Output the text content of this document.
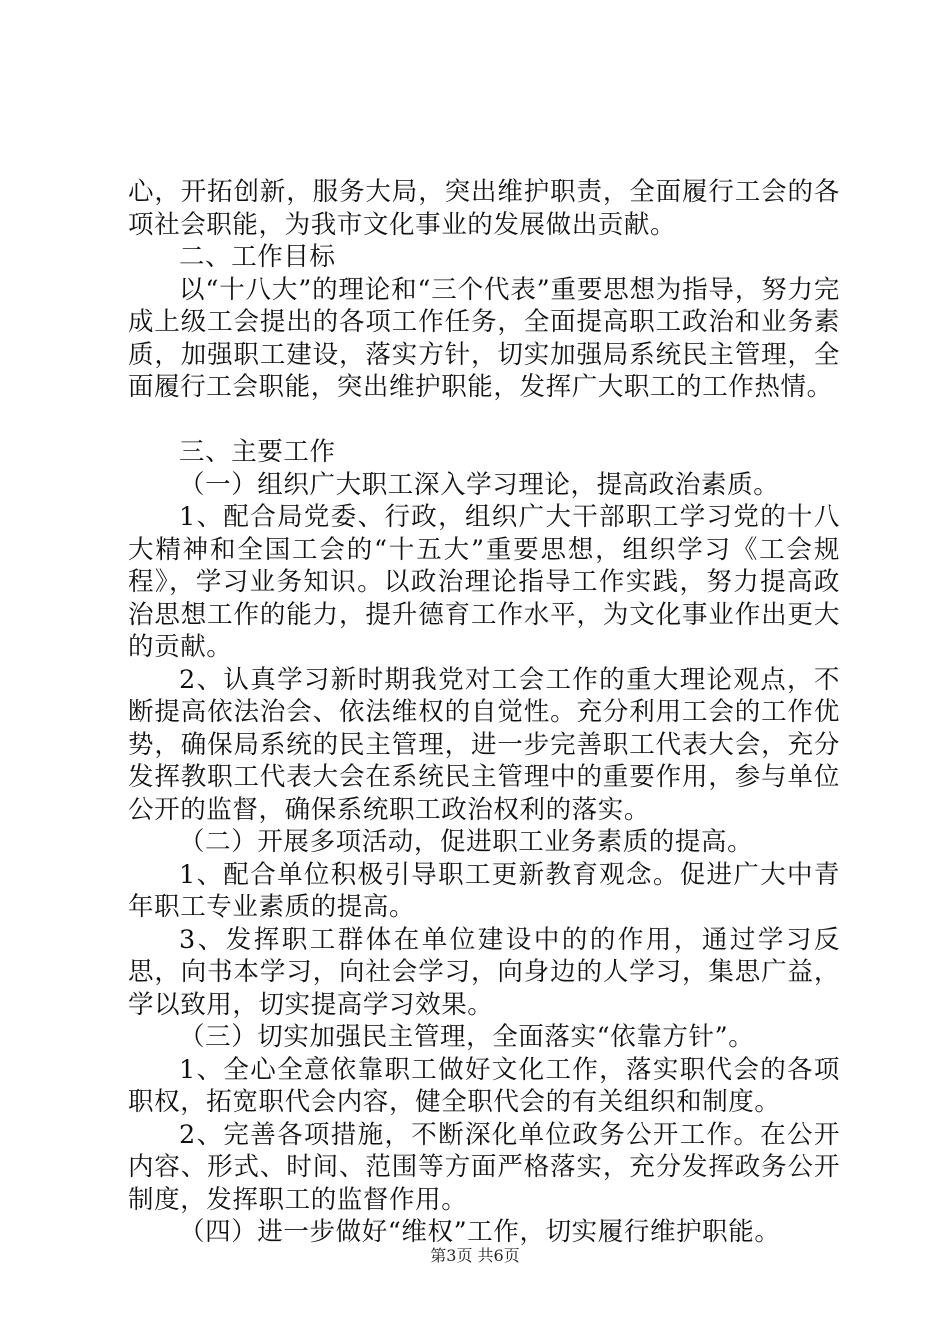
心，开拓创新，服务大局，突出维护职责，全面履行工会的各项社会职能，为我市文化事业的发展做出贡献。

二、工作目标

以“十八大”的理论和“三个代表”重要思想为指导，努力完成上级工会提出的各项工作任务，全面提高职工政治和业务素质，加强职工建设，落实方针，切实加强局系统民主管理，全面履行工会职能，突出维护职能，发挥广大职工的工作热情。

三、主要工作

（一）组织广大职工深入学习理论，提高政治素质。

1、配合局党委、行政，组织广大干部职工学习党的十八大精神和全国工会的“十五大”重要思想，组织学习《工会规程》，学习业务知识。以政治理论指导工作实践，努力提高政治思想工作的能力，提升德育工作水平，为文化事业作出更大的贡献。

2、认真学习新时期我党对工会工作的重大理论观点，不断提高依法治会、依法维权的自觉性。充分利用工会的工作优势，确保局系统的民主管理，进一步完善职工代表大会，充分发挥教职工代表大会在系统民主管理中的重要作用，参与单位公开的监督，确保系统职工政治权利的落实。

（二）开展多项活动，促进职工业务素质的提高。

1、配合单位积极引导职工更新教育观念。促进广大中青年职工专业素质的提高。

3、发挥职工群体在单位建设中的的作用，通过学习反思，向书本学习，向社会学习，向身边的人学习，集思广益，学以致用，切实提高学习效果。

（三）切实加强民主管理，全面落实“依靠方针”。

1、全心全意依靠职工做好文化工作，落实职代会的各项职权，拓宽职代会内容，健全职代会的有关组织和制度。

2、完善各项措施，不断深化单位政务公开工作。在公开内容、形式、时间、范围等方面严格落实，充分发挥政务公开制度，发挥职工的监督作用。

（四）进一步做好“维权”工作，切实履行维护职能。

第3页 共6页
